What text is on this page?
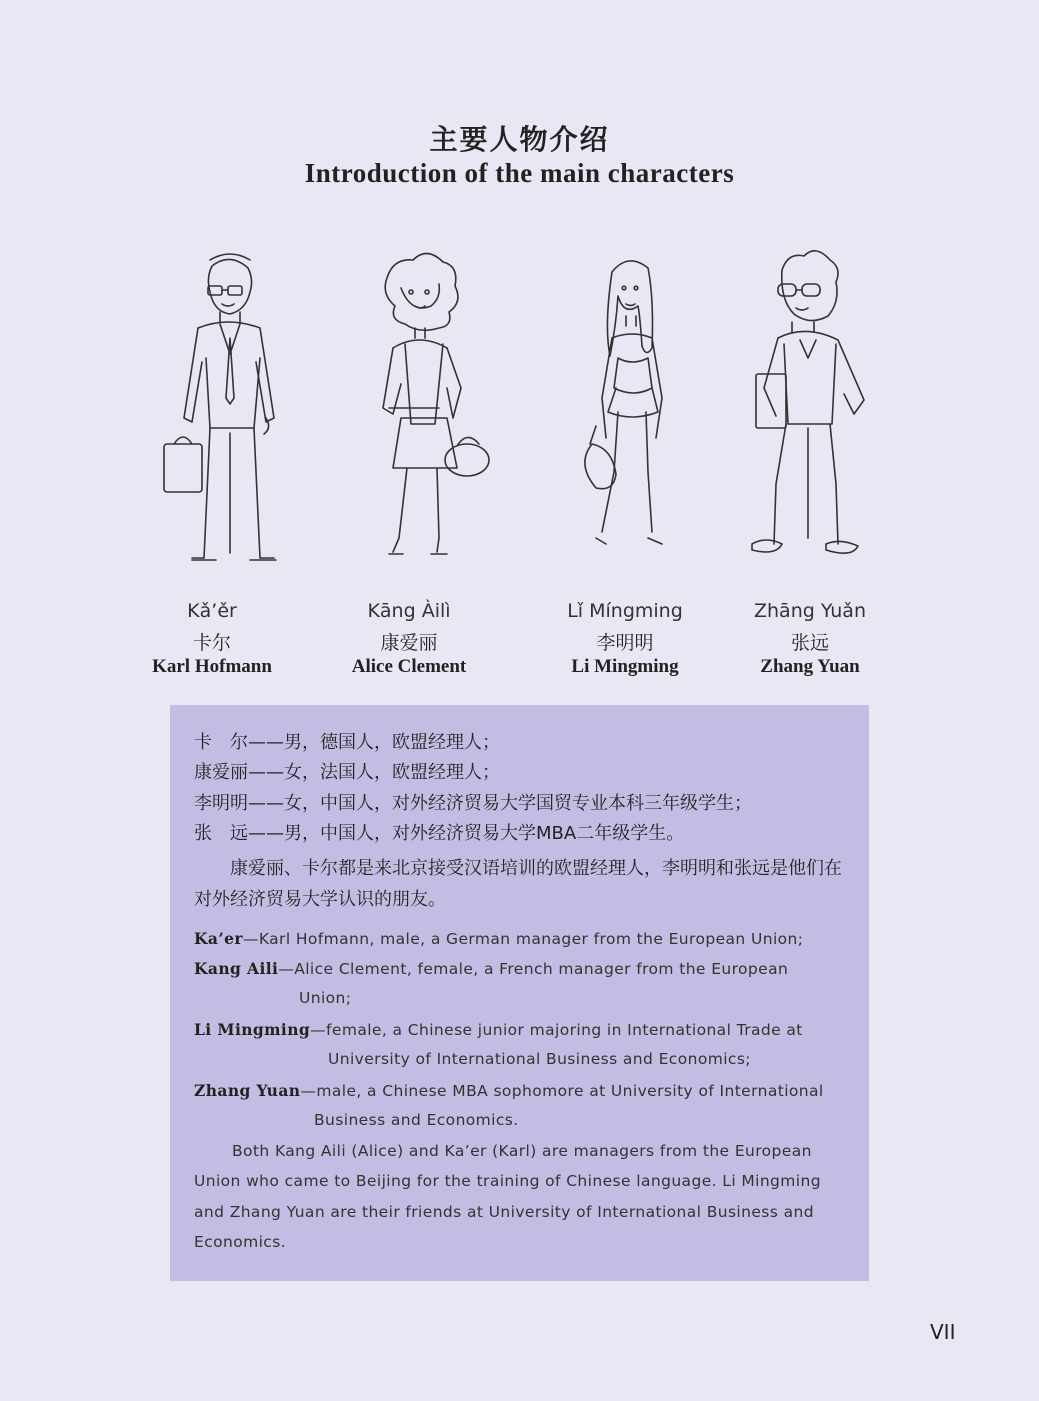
主要人物介绍
Introduction of the main characters
Kǎ’ěr
卡尔
Karl Hofmann
Kāng Àilì
康爱丽
Alice Clement
Lǐ Míngming
李明明
Li Mingming
Zhāng Yuǎn
张远
Zhang Yuan
卡　尔——男，德国人，欧盟经理人；
康爱丽——女，法国人，欧盟经理人；
李明明——女，中国人，对外经济贸易大学国贸专业本科三年级学生；
张　远——男，中国人，对外经济贸易大学MBA二年级学生。
　　康爱丽、卡尔都是来北京接受汉语培训的欧盟经理人，李明明和张远是他们在对外经济贸易大学认识的朋友。
Ka’er—Karl Hofmann, male, a German manager from the European Union;
Kang Aili—Alice Clement, female, a French manager from the European
Union;
Li Mingming—female, a Chinese junior majoring in International Trade at
University of International Business and Economics;
Zhang Yuan—male, a Chinese MBA sophomore at University of International
Business and Economics.
Both Kang Aili (Alice) and Ka’er (Karl) are managers from the European
Union who came to Beijing for the training of Chinese language. Li Mingming
and Zhang Yuan are their friends at University of International Business and
Economics.
VII
